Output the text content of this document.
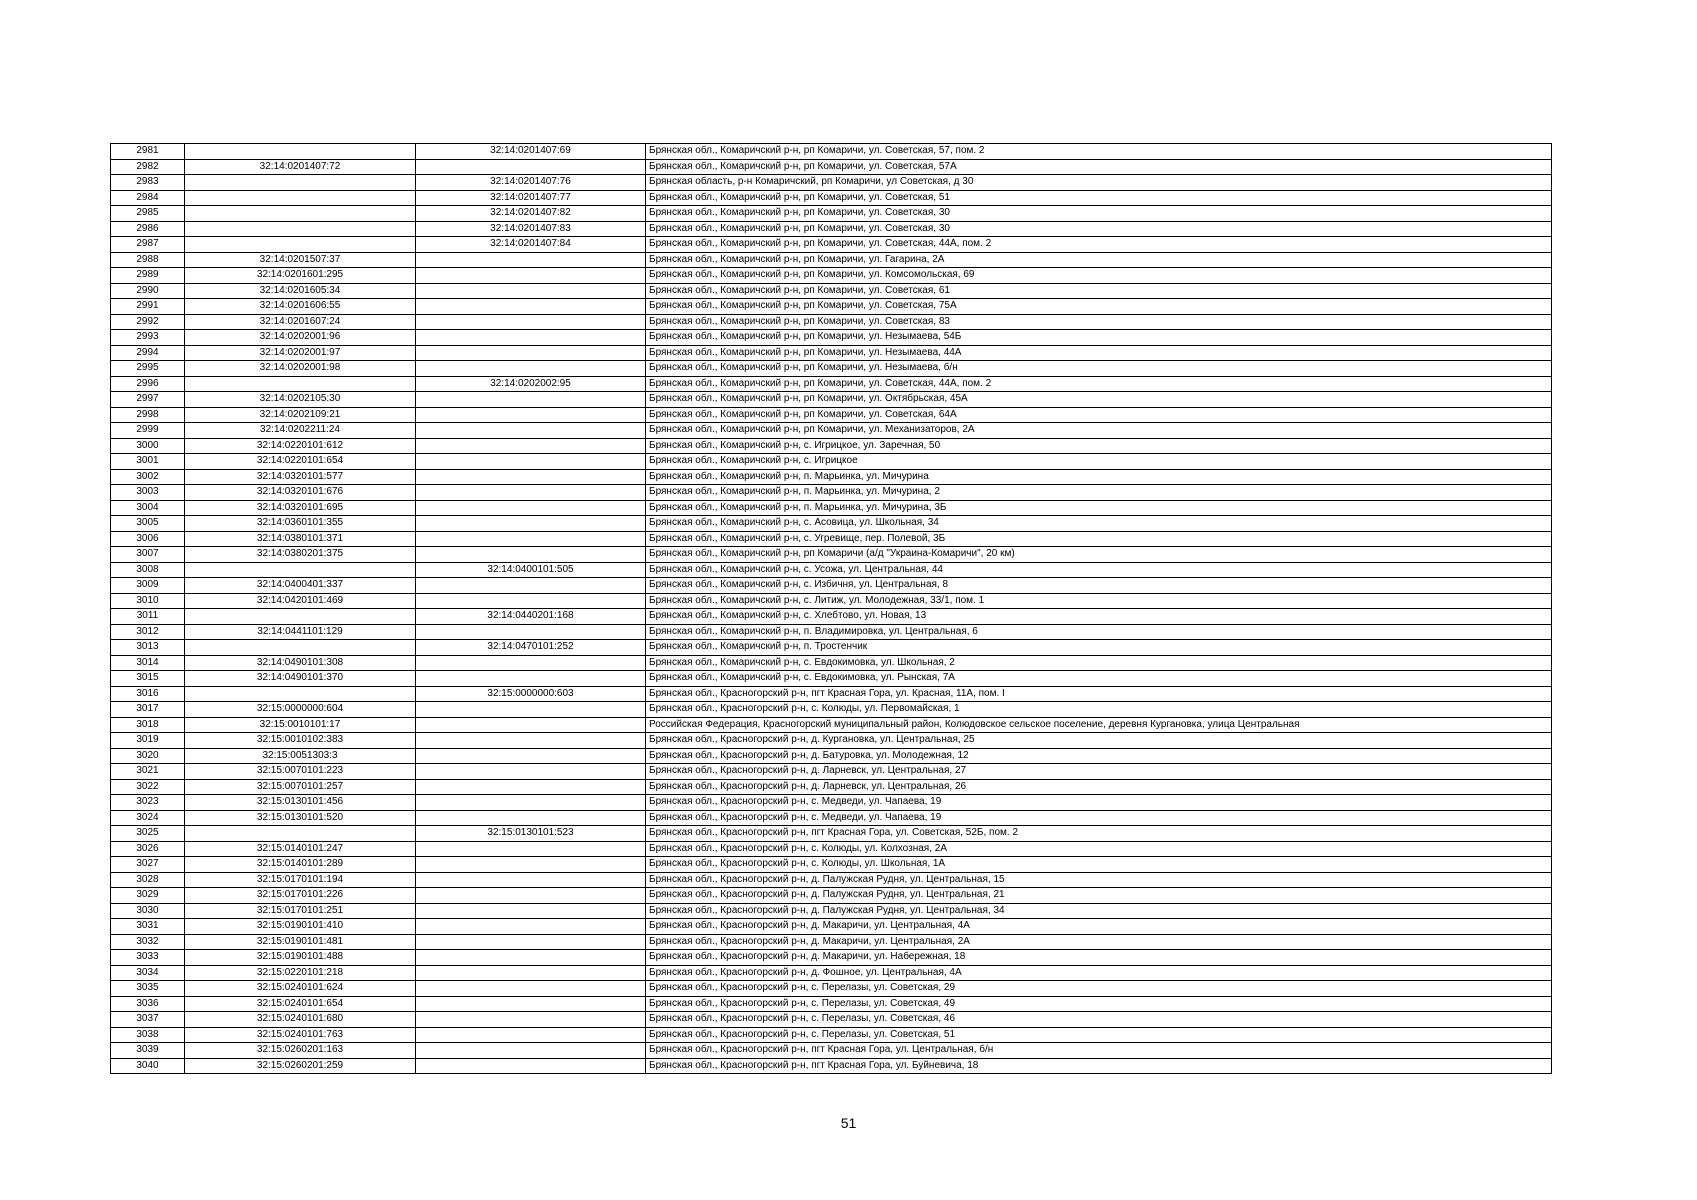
2981		32:14:0201407:69	Брянская обл., Комаричский р-н, рп Комаричи, ул. Советская, 57, пом. 2
2982	32:14:0201407:72		Брянская обл., Комаричский р-н, рп Комаричи, ул. Советская, 57А
2983		32:14:0201407:76	Брянская область, р-н Комаричский, рп Комаричи, ул Советская, д 30
2984		32:14:0201407:77	Брянская обл., Комаричский р-н, рп Комаричи, ул. Советская, 51
2985		32:14:0201407:82	Брянская обл., Комаричский р-н, рп Комаричи, ул. Советская, 30
2986		32:14:0201407:83	Брянская обл., Комаричский р-н, рп Комаричи, ул. Советская, 30
2987		32:14:0201407:84	Брянская обл., Комаричский р-н, рп Комаричи, ул. Советская, 44А, пом. 2
2988	32:14:0201507:37		Брянская обл., Комаричский р-н, рп Комаричи, ул. Гагарина, 2А
2989	32:14:0201601:295		Брянская обл., Комаричский р-н, рп Комаричи, ул. Комсомольская, 69
2990	32:14:0201605:34		Брянская обл., Комаричский р-н, рп Комаричи, ул. Советская, 61
2991	32:14:0201606:55		Брянская обл., Комаричский р-н, рп Комаричи, ул. Советская, 75А
2992	32:14:0201607:24		Брянская обл., Комаричский р-н, рп Комаричи, ул. Советская, 83
2993	32:14:0202001:96		Брянская обл., Комаричский р-н, рп Комаричи, ул. Незымаева, 54Б
2994	32:14:0202001:97		Брянская обл., Комаричский р-н, рп Комаричи, ул. Незымаева, 44А
2995	32:14:0202001:98		Брянская обл., Комаричский р-н, рп Комаричи, ул. Незымаева, б/н
2996		32:14:0202002:95	Брянская обл., Комаричский р-н, рп Комаричи, ул. Советская, 44А, пом. 2
2997	32:14:0202105:30		Брянская обл., Комаричский р-н, рп Комаричи, ул. Октябрьская, 45А
2998	32:14:0202109:21		Брянская обл., Комаричский р-н, рп Комаричи, ул. Советская, 64А
2999	32:14:0202211:24		Брянская обл., Комаричский р-н, рп Комаричи, ул. Механизаторов, 2А
3000	32:14:0220101:612		Брянская обл., Комаричский р-н, с. Игрицкое, ул. Заречная, 50
3001	32:14:0220101:654		Брянская обл., Комаричский р-н, с. Игрицкое
3002	32:14:0320101:577		Брянская обл., Комаричский р-н, п. Марьинка, ул. Мичурина
3003	32:14:0320101:676		Брянская обл., Комаричский р-н, п. Марьинка, ул. Мичурина, 2
3004	32:14:0320101:695		Брянская обл., Комаричский р-н, п. Марьинка, ул. Мичурина, 3Б
3005	32:14:0360101:355		Брянская обл., Комаричский р-н, с. Асовица, ул. Школьная, 34
3006	32:14:0380101:371		Брянская обл., Комаричский р-н, с. Угревище, пер. Полевой, 3Б
3007	32:14:0380201:375		Брянская обл., Комаричский р-н, рп Комаричи (а/д "Украина-Комаричи", 20 км)
3008		32:14:0400101:505	Брянская обл., Комаричский р-н, с. Усожа, ул. Центральная, 44
3009	32:14:0400401:337		Брянская обл., Комаричский р-н, с. Избичня, ул. Центральная, 8
3010	32:14:0420101:469		Брянская обл., Комаричский р-н, с. Литиж, ул. Молодежная, 33/1, пом. 1
3011		32:14:0440201:168	Брянская обл., Комаричский р-н, с. Хлебтово, ул. Новая, 13
3012	32:14:0441101:129		Брянская обл., Комаричский р-н, п. Владимировка, ул. Центральная, 6
3013		32:14:0470101:252	Брянская обл., Комаричский р-н, п. Тростенчик
3014	32:14:0490101:308		Брянская обл., Комаричский р-н, с. Евдокимовка, ул. Школьная, 2
3015	32:14:0490101:370		Брянская обл., Комаричский р-н, с. Евдокимовка, ул. Рынская, 7А
3016		32:15:0000000:603	Брянская обл., Красногорский р-н, пгт Красная Гора, ул. Красная, 11А, пом. I
3017	32:15:0000000:604		Брянская обл., Красногорский р-н, с. Колюды, ул. Первомайская, 1
3018	32:15:0010101:17		Российская Федерация, Красногорский муниципальный район, Колюдовское сельское поселение, деревня Кургановка, улица Центральная
3019	32:15:0010102:383		Брянская обл., Красногорский р-н, д. Кургановка, ул. Центральная, 25
3020	32:15:0051303:3		Брянская обл., Красногорский р-н, д. Батуровка, ул. Молодежная, 12
3021	32:15:0070101:223		Брянская обл., Красногорский р-н, д. Ларневск, ул. Центральная, 27
3022	32:15:0070101:257		Брянская обл., Красногорский р-н, д. Ларневск, ул. Центральная, 26
3023	32:15:0130101:456		Брянская обл., Красногорский р-н, с. Медведи, ул. Чапаева, 19
3024	32:15:0130101:520		Брянская обл., Красногорский р-н, с. Медведи, ул. Чапаева, 19
3025		32:15:0130101:523	Брянская обл., Красногорский р-н, пгт Красная Гора, ул. Советская, 52Б, пом. 2
3026	32:15:0140101:247		Брянская обл., Красногорский р-н, с. Колюды, ул. Колхозная, 2А
3027	32:15:0140101:289		Брянская обл., Красногорский р-н, с. Колюды, ул. Школьная, 1А
3028	32:15:0170101:194		Брянская обл., Красногорский р-н, д. Палужская Рудня, ул. Центральная, 15
3029	32:15:0170101:226		Брянская обл., Красногорский р-н, д. Палужская Рудня, ул. Центральная, 21
3030	32:15:0170101:251		Брянская обл., Красногорский р-н, д. Палужская Рудня, ул. Центральная, 34
3031	32:15:0190101:410		Брянская обл., Красногорский р-н, д. Макаричи, ул. Центральная, 4А
3032	32:15:0190101:481		Брянская обл., Красногорский р-н, д. Макаричи, ул. Центральная, 2А
3033	32:15:0190101:488		Брянская обл., Красногорский р-н, д. Макаричи, ул. Набережная, 18
3034	32:15:0220101:218		Брянская обл., Красногорский р-н, д. Фошное, ул. Центральная, 4А
3035	32:15:0240101:624		Брянская обл., Красногорский р-н, с. Перелазы, ул. Советская, 29
3036	32:15:0240101:654		Брянская обл., Красногорский р-н, с. Перелазы, ул. Советская, 49
3037	32:15:0240101:680		Брянская обл., Красногорский р-н, с. Перелазы, ул. Советская, 46
3038	32:15:0240101:763		Брянская обл., Красногорский р-н, с. Перелазы, ул. Советская, 51
3039	32:15:0260201:163		Брянская обл., Красногорский р-н, пгт Красная Гора, ул. Центральная, б/н
3040	32:15:0260201:259		Брянская обл., Красногорский р-н, пгт Красная Гора, ул. Буйневича, 18
51
